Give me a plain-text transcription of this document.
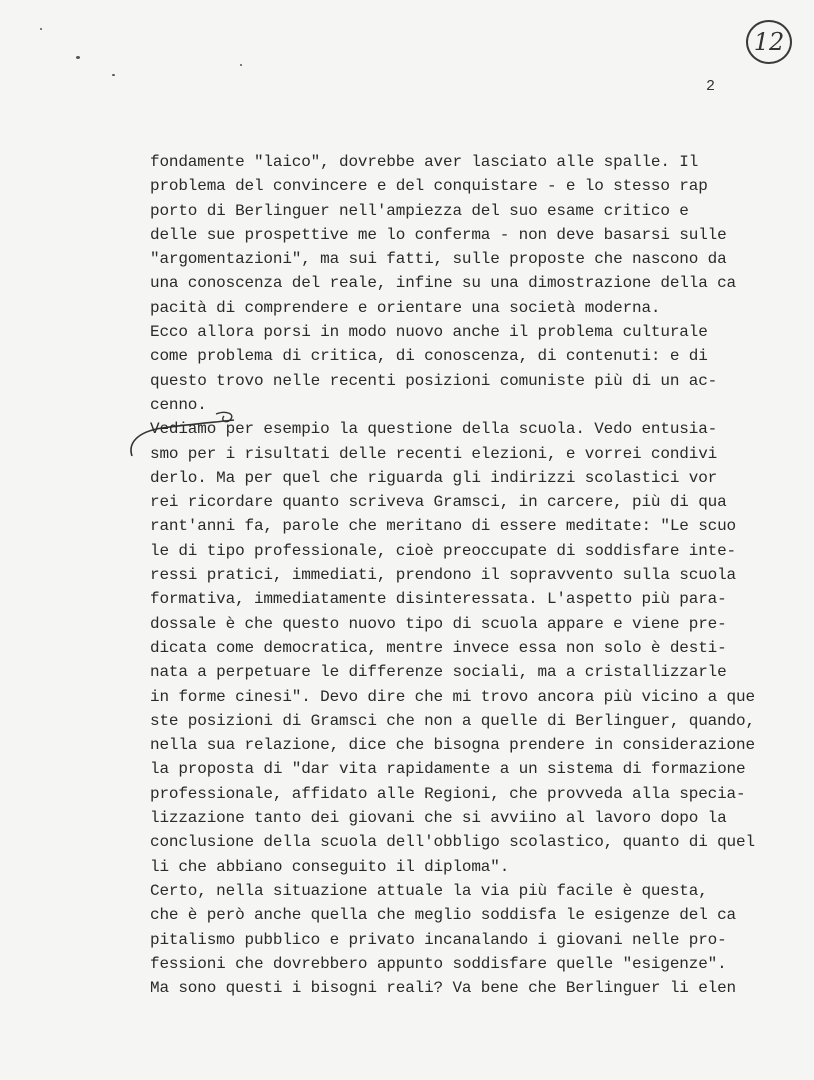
12
2
fondamente "laico", dovrebbe aver lasciato alle spalle. Il
problema del convincere e del conquistare - e lo stesso rap
porto di Berlinguer nell'ampiezza del suo esame critico e
delle sue prospettive me lo conferma - non deve basarsi sulle
"argomentazioni", ma sui fatti, sulle proposte che nascono da
una conoscenza del reale, infine su una dimostrazione della ca
pacità di comprendere e orientare una società moderna.
Ecco allora porsi in modo nuovo anche il problema culturale
come problema di critica, di conoscenza, di contenuti: e di
questo trovo nelle recenti posizioni comuniste più di un ac-
cenno.
Vediamo per esempio la questione della scuola. Vedo entusia-
smo per i risultati delle recenti elezioni, e vorrei condivi
derlo. Ma per quel che riguarda gli indirizzi scolastici vor
rei ricordare quanto scriveva Gramsci, in carcere, più di qua
rant'anni fa, parole che meritano di essere meditate: "Le scuo
le di tipo professionale, cioè preoccupate di soddisfare inte-
ressi pratici, immediati, prendono il sopravvento sulla scuola
formativa, immediatamente disinteressata. L'aspetto più para-
dossale è che questo nuovo tipo di scuola appare e viene pre-
dicata come democratica, mentre invece essa non solo è desti-
nata a perpetuare le differenze sociali, ma a cristallizzarle
in forme cinesi". Devo dire che mi trovo ancora più vicino a que
ste posizioni di Gramsci che non a quelle di Berlinguer, quando,
nella sua relazione, dice che bisogna prendere in considerazione
la proposta di "dar vita rapidamente a un sistema di formazione
professionale, affidato alle Regioni, che provveda alla specia-
lizzazione tanto dei giovani che si avviino al lavoro dopo la
conclusione della scuola dell'obbligo scolastico, quanto di quel
li che abbiano conseguito il diploma".
Certo, nella situazione attuale la via più facile è questa,
che è però anche quella che meglio soddisfa le esigenze del ca
pitalismo pubblico e privato incanalando i giovani nelle pro-
fessioni che dovrebbero appunto soddisfare quelle "esigenze".
Ma sono questi i bisogni reali? Va bene che Berlinguer li elen
